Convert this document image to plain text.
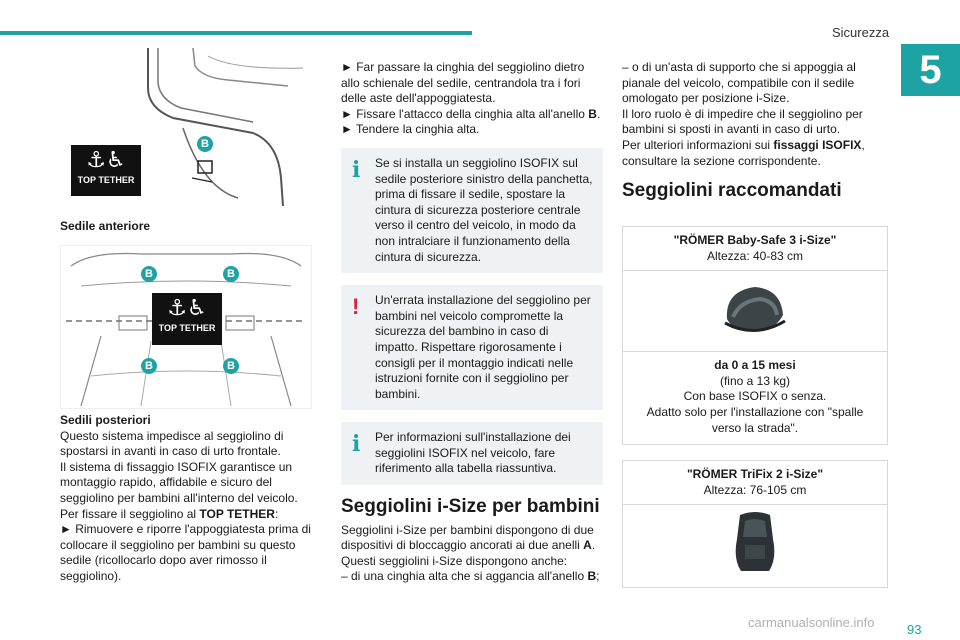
Sicurezza
5
B
⚓︎♿︎
TOP TETHER

Sedile anteriore

B	B
B	B
⚓︎♿︎
TOP TETHER

Sedili posteriori

Questo sistema impedisce al seggiolino di spostarsi in avanti in caso di urto frontale.

Il sistema di fissaggio ISOFIX garantisce un montaggio rapido, affidabile e sicuro del seggiolino per bambini all'interno del veicolo.

Per fissare il seggiolino al TOP TETHER:

► Rimuovere e riporre l'appoggiatesta prima di collocare il seggiolino per bambini su questo sedile (ricollocarlo dopo aver rimosso il seggiolino).

► Far passare la cinghia del seggiolino dietro allo schienale del sedile, centrandola tra i fori delle aste dell'appoggiatesta.

► Fissare l'attacco della cinghia alta all'anello B.

► Tendere la cinghia alta.

i	Se si installa un seggiolino ISOFIX sul sedile posteriore sinistro della panchetta, prima di fissare il sedile, spostare la cintura di sicurezza posteriore centrale verso il centro del veicolo, in modo da non intralciare il funzionamento della cintura di sicurezza.

!	Un'errata installazione del seggiolino per bambini nel veicolo compromette la sicurezza del bambino in caso di impatto. Rispettare rigorosamente i consigli per il montaggio indicati nelle istruzioni fornite con il seggiolino per bambini.

i	Per informazioni sull'installazione dei seggiolini ISOFIX nel veicolo, fare riferimento alla tabella riassuntiva.

Seggiolini i-Size per bambini

Seggiolini i-Size per bambini dispongono di due dispositivi di bloccaggio ancorati ai due anelli A.

Questi seggiolini i-Size dispongono anche:

– di una cinghia alta che si aggancia all'anello B;

– o di un'asta di supporto che si appoggia al pianale del veicolo, compatibile con il sedile omologato per posizione i-Size.

Il loro ruolo è di impedire che il seggiolino per bambini si sposti in avanti in caso di urto.

Per ulteriori informazioni sui fissaggi ISOFIX, consultare la sezione corrispondente.

Seggiolini raccomandati
"RÖMER Baby-Safe 3 i-Size"
Altezza: 40-83 cm
da 0 a 15 mesi
(fino a 13 kg)
Con base ISOFIX o senza.
Adatto solo per l'installazione con "spalle verso la strada".
"RÖMER TriFix 2 i-Size"
Altezza: 76-105 cm
carmanualsonline.info	93
